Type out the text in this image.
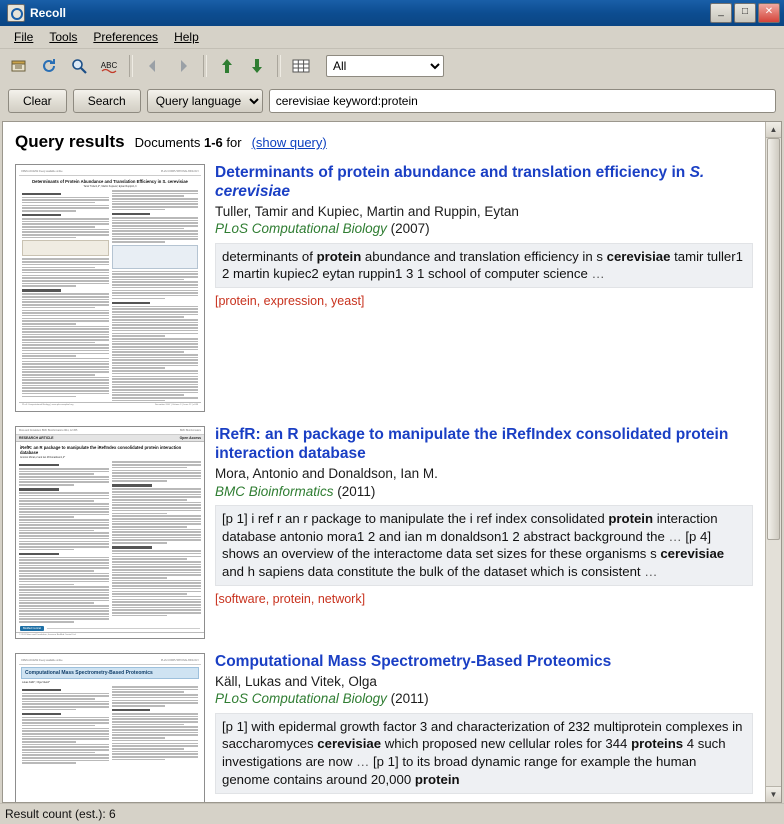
Recoll	_	□	✕
File	Tools	Preferences	Help
ABC
All
Clear	Search
Query language
cerevisiae keyword:protein
Query results Documents 1-6 for (show query)
OPEN ACCESS Freely available online	PLoS COMPUTATIONAL BIOLOGY
Determinants of Protein Abundance and Translation Efficiency in S. cerevisiae
Tamir Tuller1,2*, Martin Kupiec2, Eytan Ruppin1,3
PLoS Computational Biology | www.ploscompbiol.org	December 2007 | Volume 3 | Issue 12 | e248
Determinants of protein abundance and translation efficiency in S. cerevisiae
Tuller, Tamir and Kupiec, Martin and Ruppin, Eytan
PLoS Computational Biology (2007)
determinants of protein abundance and translation efficiency in s cerevisiae tamir tuller1 2 martin kupiec2 eytan ruppin1 3 1 school of computer science …
[protein, expression, yeast]
Mora and Donaldson BMC Bioinformatics 2011, 12:455	BMC Bioinformatics
RESEARCH ARTICLE	Open Access
iRefR: an R package to manipulate the iRefIndex consolidated protein interaction database
Antonio Mora1,2 and Ian M Donaldson1,2*
BioMed Central
© 2011 Mora and Donaldson; licensee BioMed Central Ltd.
iRefR: an R package to manipulate the iRefIndex consolidated protein interaction database
Mora, Antonio and Donaldson, Ian M.
BMC Bioinformatics (2011)
[p 1] i ref r an r package to manipulate the i ref index consolidated protein interaction database antonio mora1 2 and ian m donaldson1 2 abstract background the … [p 4] shows an overview of the interactome data set sizes for these organisms s cerevisiae and h sapiens data constitute the bulk of the dataset which is consistent …
[software, protein, network]
OPEN ACCESS Freely available online	PLoS COMPUTATIONAL BIOLOGY
Computational Mass Spectrometry-Based Proteomics
Lukas Käll1*, Olga Vitek2*
Computational Mass Spectrometry-Based Proteomics
Käll, Lukas and Vitek, Olga
PLoS Computational Biology (2011)
[p 1] with epidermal growth factor 3 and characterization of 232 multiprotein complexes in saccharomyces cerevisiae which proposed new cellular roles for 344 proteins 4 such investigations are now … [p 1] to its broad dynamic range for example the human genome contains around 20,000 protein
▲
▼
Result count (est.): 6
